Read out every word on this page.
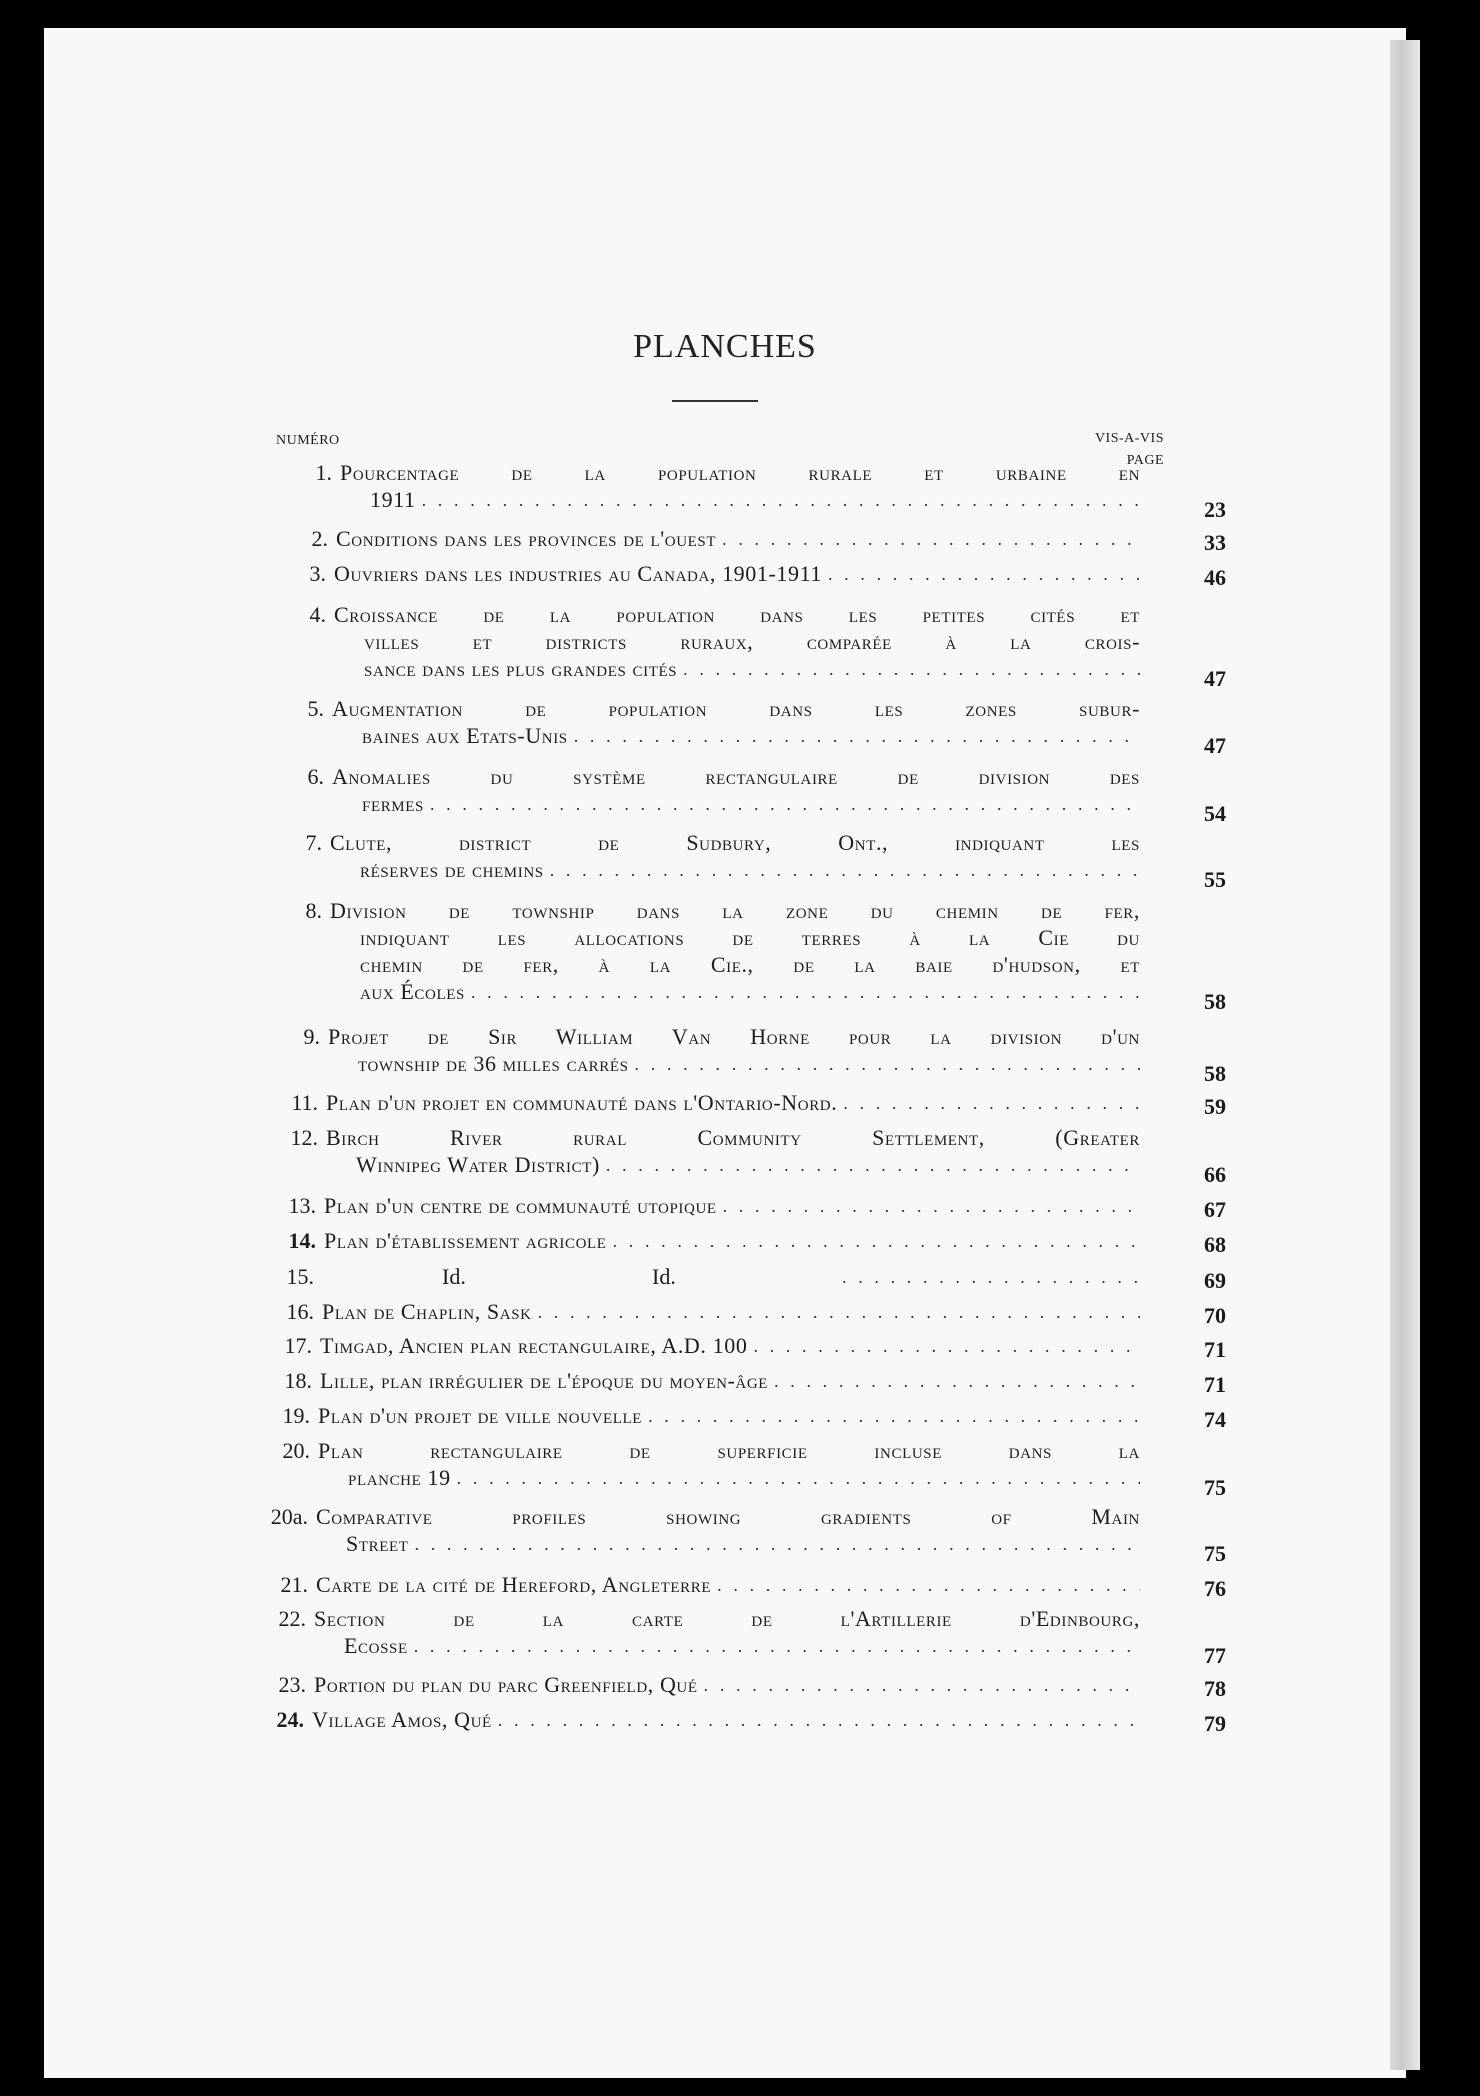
PLANCHES
NUMÉRO	VIS-A-VIS
PAGE
1. Pourcentage de la population rurale et urbaine en
1911	23
. . .
2. Conditions dans les provinces de l'ouest	33
. . .
3. Ouvriers dans les industries au Canada, 1901-1911	46
. . .
4. Croissance de la population dans les petites cités et
villes et districts ruraux, comparée à la crois-
sance dans les plus grandes cités	47
. . .
5. Augmentation de population dans les zones subur-
baines aux Etats-Unis	47
. . .
6. Anomalies du système rectangulaire de division des
fermes	54
. . .
7. Clute, district de Sudbury, Ont., indiquant les
réserves de chemins	55
. . .
8. Division de township dans la zone du chemin de fer,
indiquant les allocations de terres à la Cie du
chemin de fer, à la Cie., de la baie d'hudson, et
aux Écoles	58
. . .
9. Projet de Sir William Van Horne pour la division d'un
township de 36 milles carrés	58
. . .
11. Plan d'un projet en communauté dans l'Ontario-Nord.	59
. . .
12. Birch River rural Community Settlement, (Greater
Winnipeg Water District)	66
. . .
13. Plan d'un centre de communauté utopique	67
. . .
14. Plan d'établissement agricole	68
. . .
15.	Id.	Id.	69
. . .
16. Plan de Chaplin, Sask	70
. . .
17. Timgad, Ancien plan rectangulaire, A.D. 100	71
. . .
18. Lille, plan irrégulier de l'époque du moyen-âge	71
. . .
19. Plan d'un projet de ville nouvelle	74
. . .
20. Plan rectangulaire de superficie incluse dans la
planche 19	75
. . .
20a. Comparative profiles showing gradients of Main
Street	75
. . .
21. Carte de la cité de Hereford, Angleterre	76
. . .
22. Section de la carte de l'Artillerie d'Edinbourg,
Ecosse	77
. . .
23. Portion du plan du parc Greenfield, Qué	78
. . .
24. Village Amos, Qué	79
. . .
